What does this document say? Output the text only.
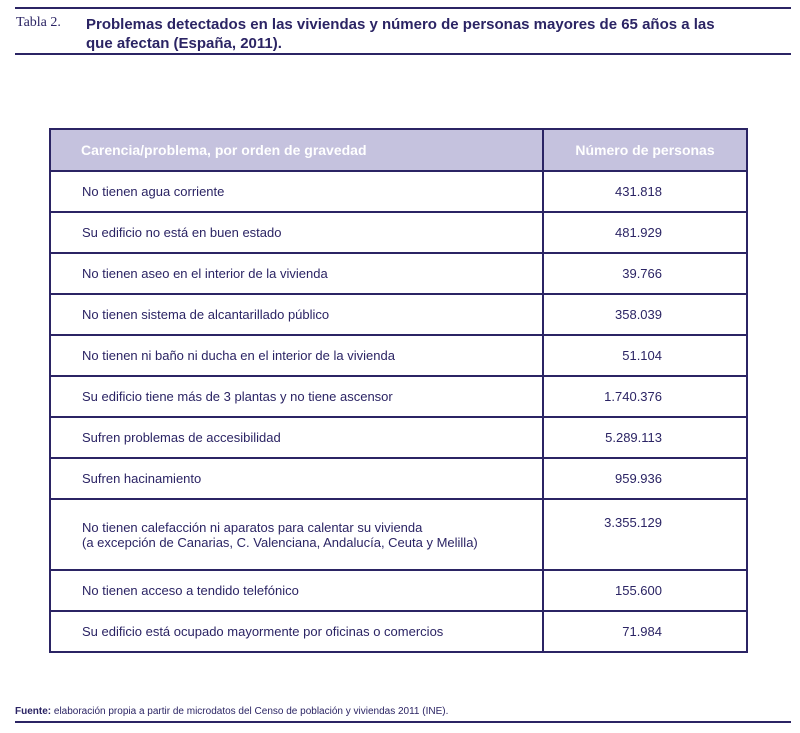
Tabla 2. Problemas detectados en las viviendas y número de personas mayores de 65 años a las que afectan (España, 2011).
Carencia/problema, por orden de gravedad	Número de personas
No tienen agua corriente	431.818
Su edificio no está en buen estado	481.929
No tienen aseo en el interior de la vivienda	39.766
No tienen sistema de alcantarillado público	358.039
No tienen ni baño ni ducha en el interior de la vivienda	51.104
Su edificio tiene más de 3 plantas y no tiene ascensor	1.740.376
Sufren problemas de accesibilidad	5.289.113
Sufren hacinamiento	959.936

No tienen calefacción ni aparatos para calentar su vivienda
(a excepción de Canarias, C. Valenciana, Andalucía, Ceuta y Melilla)	3.355.129
No tienen acceso a tendido telefónico	155.600
Su edificio está ocupado mayormente por oficinas o comercios	71.984
Fuente: elaboración propia a partir de microdatos del Censo de población y viviendas 2011 (INE).
